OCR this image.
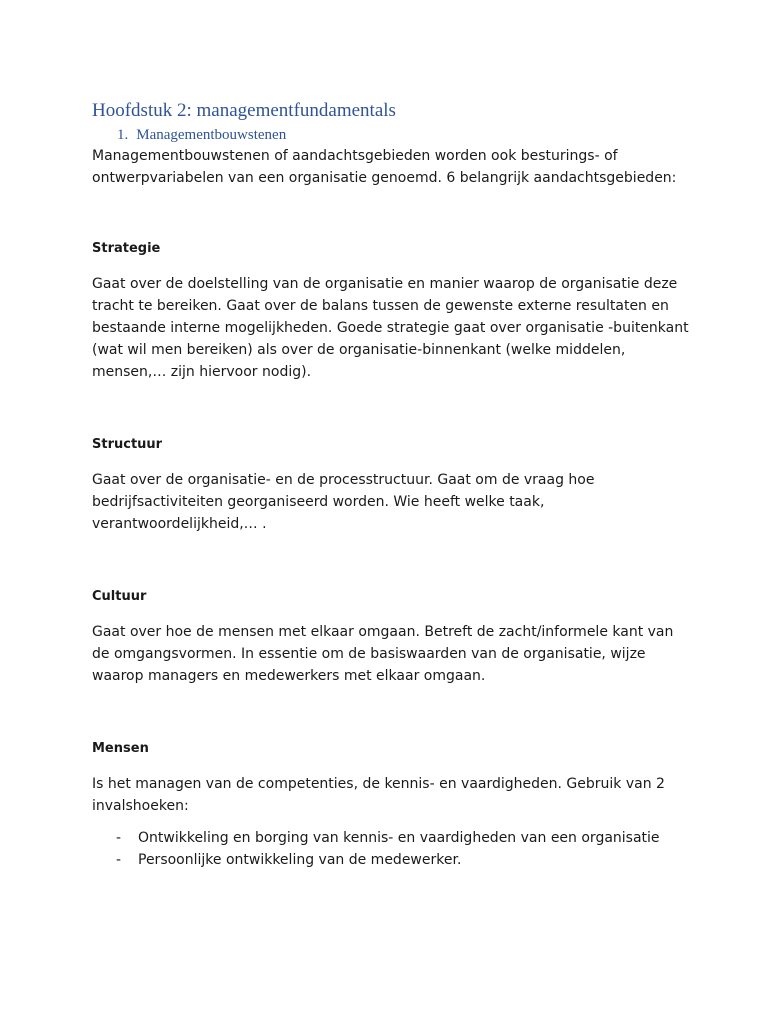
Hoofdstuk 2: managementfundamentals
1. Managementbouwstenen

Managementbouwstenen of aandachtsgebieden worden ook besturings- of ontwerpvariabelen van een organisatie genoemd. 6 belangrijk aandachtsgebieden:

Strategie

Gaat over de doelstelling van de organisatie en manier waarop de organisatie deze tracht te bereiken. Gaat over de balans tussen de gewenste externe resultaten en bestaande interne mogelijkheden. Goede strategie gaat over organisatie -buitenkant (wat wil men bereiken) als over de organisatie-binnenkant (welke middelen, mensen,… zijn hiervoor nodig).

Structuur

Gaat over de organisatie- en de processtructuur. Gaat om de vraag hoe bedrijfsactiviteiten georganiseerd worden. Wie heeft welke taak, verantwoordelijkheid,… .

Cultuur

Gaat over hoe de mensen met elkaar omgaan. Betreft de zacht/informele kant van de omgangsvormen. In essentie om de basiswaarden van de organisatie, wijze waarop managers en medewerkers met elkaar omgaan.

Mensen

Is het managen van de competenties, de kennis- en vaardigheden. Gebruik van 2 invalshoeken:

- Ontwikkeling en borging van kennis- en vaardigheden van een organisatie
- Persoonlijke ontwikkeling van de medewerker.
